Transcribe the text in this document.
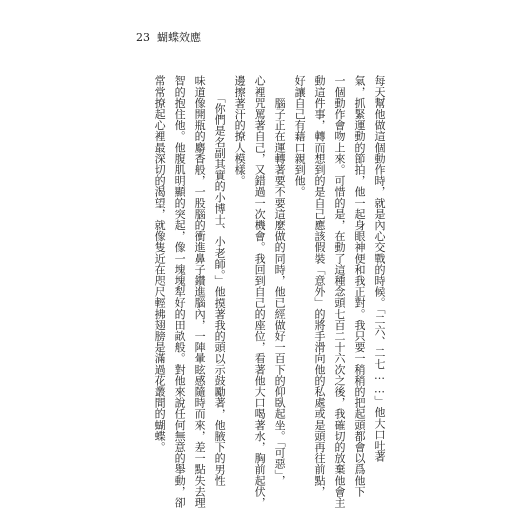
23 蝴蝶效應
每天幫他做這個動作時，就是內心交戰的時候。「二六、二七……」他大口吐著
氣，抓緊運動的節拍，他一起身眼神便和我正對。我只要一稍稍的把起頭都會以爲他下
一個動作會吻上來。可惜的是，在動了這種念頭七百二十六次之後，我確切的放棄他會主
動這件事，轉而想到的是自己應該假裝「意外」的將手滑向他的私處或是頭再往前點，
好讓自己有藉口親到他。
　　腦子正在運轉著要不要這麼做的同時，他已經做好一百下的仰臥起坐。「可惡」，
心裡咒罵著自己，又錯過一次機會。我回到自己的座位，看著他大口喝著水，胸前起伏，
邊擦著汗的撩人模樣。
　　「你們是名副其實的小博士、小老師。」他摸著我的頭以示鼓勵著，他腋下的男性
味道像開瓶的麝香般，一股腦的衝進鼻子鑽進腦內，一陣暈眩感隨時而來，差一點失去理
智的抱住他。他腹肌明顯的突起，像一塊塊犁好的田畝般。對他來說任何無意的舉動，卻
常常撩起心裡最深切的渴望，就像隻近在咫尺輕拂翅膀是滿過花叢間的蝴蝶。
